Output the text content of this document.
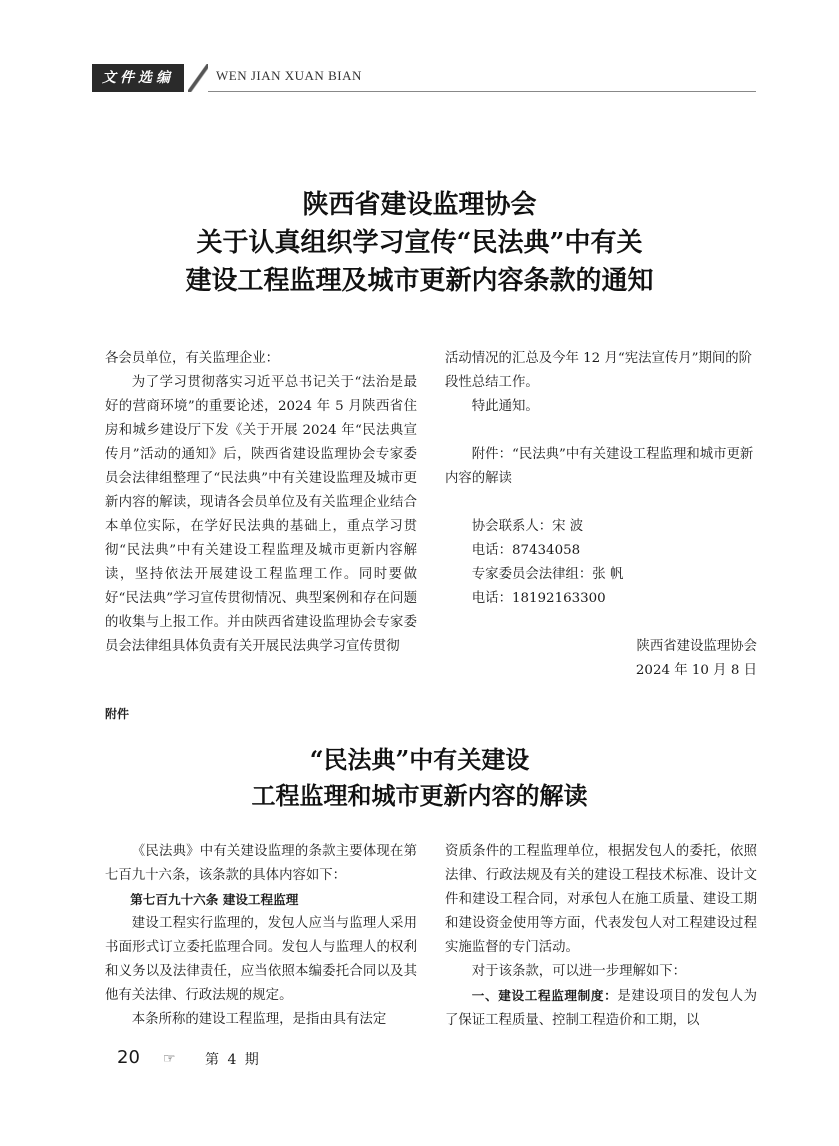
文件选编	WEN JIAN XUAN BIAN
陕西省建设监理协会
关于认真组织学习宣传“民法典”中有关
建设工程监理及城市更新内容条款的通知

各会员单位，有关监理企业：

为了学习贯彻落实习近平总书记关于“法治是最好的营商环境”的重要论述，2024 年 5 月陕西省住房和城乡建设厅下发《关于开展 2024 年“民法典宣传月”活动的通知》后，陕西省建设监理协会专家委员会法律组整理了“民法典”中有关建设监理及城市更新内容的解读，现请各会员单位及有关监理企业结合本单位实际，在学好民法典的基础上，重点学习贯彻“民法典”中有关建设工程监理及城市更新内容解读，坚持依法开展建设工程监理工作。同时要做好“民法典”学习宣传贯彻情况、典型案例和存在问题的收集与上报工作。并由陕西省建设监理协会专家委员会法律组具体负责有关开展民法典学习宣传贯彻

活动情况的汇总及今年 12 月“宪法宣传月”期间的阶段性总结工作。

特此通知。

附件：“民法典”中有关建设工程监理和城市更新内容的解读

协会联系人：宋 波

电话：87434058

专家委员会法律组：张 帆

电话：18192163300

陕西省建设监理协会

2024 年 10 月 8 日

附件
“民法典”中有关建设
工程监理和城市更新内容的解读

《民法典》中有关建设监理的条款主要体现在第七百九十六条，该条款的具体内容如下：

第七百九十六条 建设工程监理

建设工程实行监理的，发包人应当与监理人采用书面形式订立委托监理合同。发包人与监理人的权利和义务以及法律责任，应当依照本编委托合同以及其他有关法律、行政法规的规定。

本条所称的建设工程监理，是指由具有法定

资质条件的工程监理单位，根据发包人的委托，依照法律、行政法规及有关的建设工程技术标准、设计文件和建设工程合同，对承包人在施工质量、建设工期和建设资金使用等方面，代表发包人对工程建设过程实施监督的专门活动。

对于该条款，可以进一步理解如下：

一、建设工程监理制度：是建设项目的发包人为了保证工程质量、控制工程造价和工期，以

20 ☞ 第 4 期
